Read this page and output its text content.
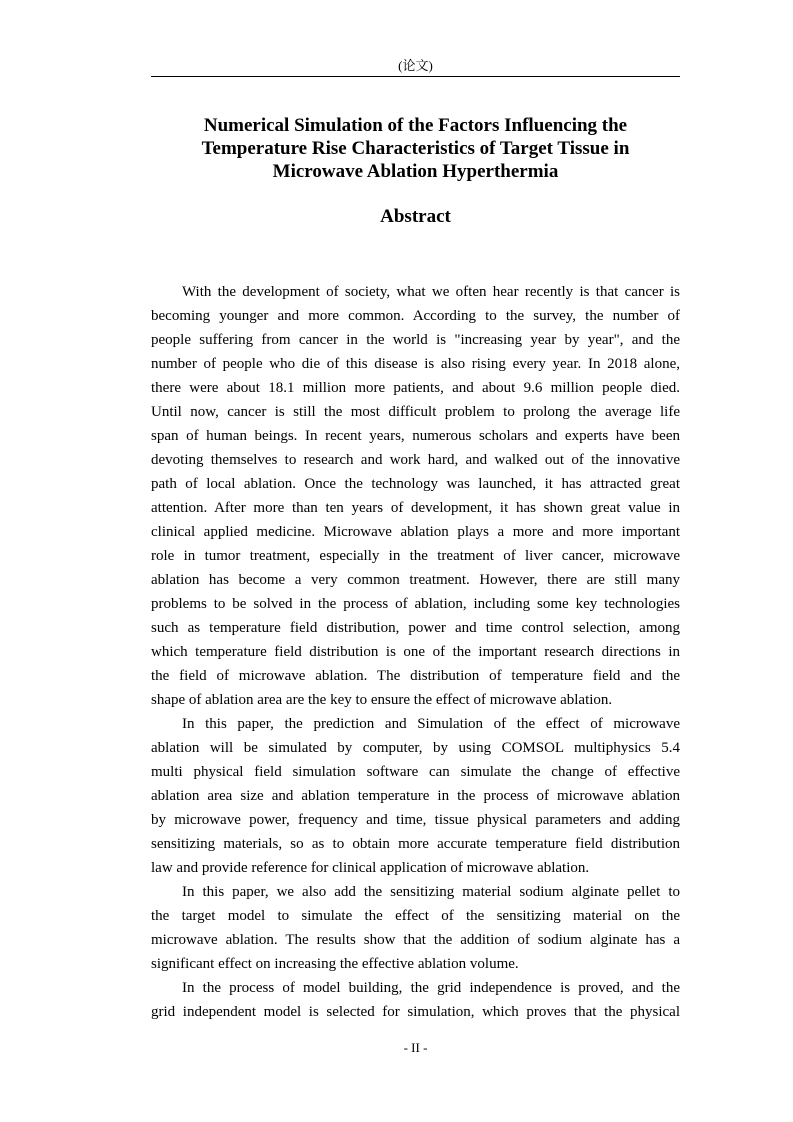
(论文)
Numerical Simulation of the Factors Influencing the
Temperature Rise Characteristics of Target Tissue in
Microwave Ablation Hyperthermia
Abstract

With the development of society, what we often hear recently is that cancer is
becoming younger and more common. According to the survey, the number of
people suffering from cancer in the world is "increasing year by year", and the
number of people who die of this disease is also rising every year. In 2018 alone,
there were about 18.1 million more patients, and about 9.6 million people died.
Until now, cancer is still the most difficult problem to prolong the average life
span of human beings. In recent years, numerous scholars and experts have been
devoting themselves to research and work hard, and walked out of the innovative
path of local ablation. Once the technology was launched, it has attracted great
attention. After more than ten years of development, it has shown great value in
clinical applied medicine. Microwave ablation plays a more and more important
role in tumor treatment, especially in the treatment of liver cancer, microwave
ablation has become a very common treatment. However, there are still many
problems to be solved in the process of ablation, including some key technologies
such as temperature field distribution, power and time control selection, among
which temperature field distribution is one of the important research directions in
the field of microwave ablation. The distribution of temperature field and the
shape of ablation area are the key to ensure the effect of microwave ablation.

In this paper, the prediction and Simulation of the effect of microwave
ablation will be simulated by computer, by using COMSOL multiphysics 5.4
multi physical field simulation software can simulate the change of effective
ablation area size and ablation temperature in the process of microwave ablation
by microwave power, frequency and time, tissue physical parameters and adding
sensitizing materials, so as to obtain more accurate temperature field distribution
law and provide reference for clinical application of microwave ablation.

In this paper, we also add the sensitizing material sodium alginate pellet to
the target model to simulate the effect of the sensitizing material on the
microwave ablation. The results show that the addition of sodium alginate has a
significant effect on increasing the effective ablation volume.

In the process of model building, the grid independence is proved, and the
grid independent model is selected for simulation, which proves that the physical

- II -
